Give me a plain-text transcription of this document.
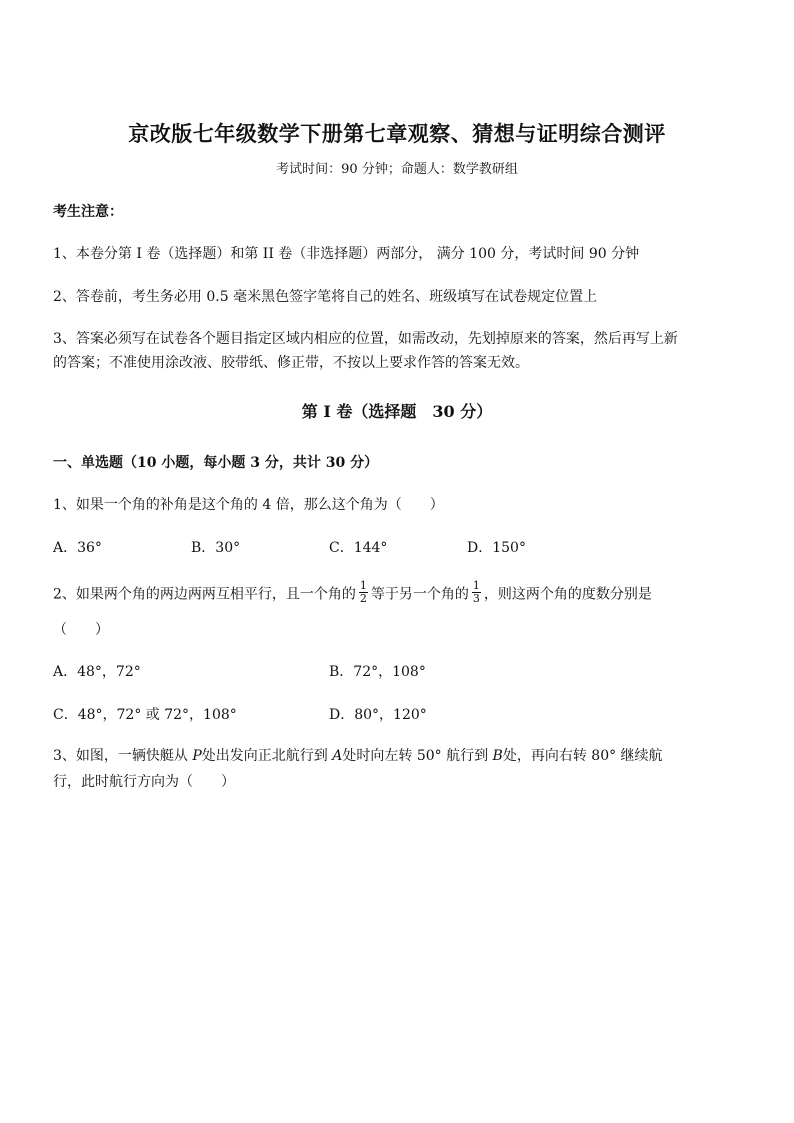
京改版七年级数学下册第七章观察、猜想与证明综合测评
考试时间：90 分钟；命题人：数学教研组
考生注意：
1、本卷分第 I 卷（选择题）和第 II 卷（非选择题）两部分， 满分 100 分，考试时间 90 分钟
2、答卷前，考生务必用 0.5 毫米黑色签字笔将自己的姓名、班级填写在试卷规定位置上
3、答案必须写在试卷各个题目指定区域内相应的位置，如需改动，先划掉原来的答案，然后再写上新
的答案；不准使用涂改液、胶带纸、修正带，不按以上要求作答的答案无效。
第 I 卷（选择题　30 分）
一、单选题（10 小题，每小题 3 分，共计 30 分）
1、如果一个角的补角是这个角的 4 倍，那么这个角为（　　）
A．36°	B．30°	C．144°	D．150°
2、如果两个角的两边两两互相平行，且一个角的 $\frac{1}{2}$ 等于另一个角的 $\frac{1}{3}$ ，则这两个角的度数分别是
（　　）
A．48°，72°	B．72°，108°
C．48°，72° 或 72°，108°	D．80°，120°
3、如图，一辆快艇从 P处出发向正北航行到 A处时向左转 50° 航行到 B处，再向右转 80° 继续航
行，此时航行方向为（　　）
